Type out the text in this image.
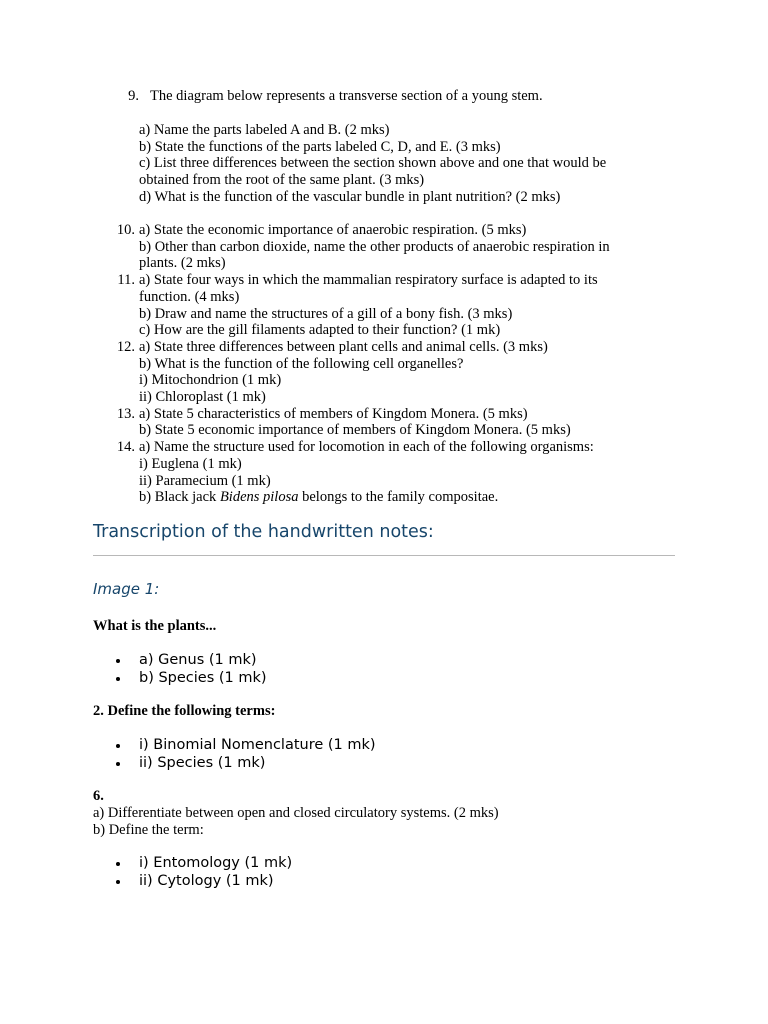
9. The diagram below represents a transverse section of a young stem.
a) Name the parts labeled A and B. (2 mks)
b) State the functions of the parts labeled C, D, and E. (3 mks)
c) List three differences between the section shown above and one that would be
obtained from the root of the same plant. (3 mks)
d) What is the function of the vascular bundle in plant nutrition? (2 mks)
10. a) State the economic importance of anaerobic respiration. (5 mks)
b) Other than carbon dioxide, name the other products of anaerobic respiration in
plants. (2 mks)
11. a) State four ways in which the mammalian respiratory surface is adapted to its
function. (4 mks)
b) Draw and name the structures of a gill of a bony fish. (3 mks)
c) How are the gill filaments adapted to their function? (1 mk)
12. a) State three differences between plant cells and animal cells. (3 mks)
b) What is the function of the following cell organelles?
i) Mitochondrion (1 mk)
ii) Chloroplast (1 mk)
13. a) State 5 characteristics of members of Kingdom Monera. (5 mks)
b) State 5 economic importance of members of Kingdom Monera. (5 mks)
14. a) Name the structure used for locomotion in each of the following organisms:
i) Euglena (1 mk)
ii) Paramecium (1 mk)
b) Black jack Bidens pilosa belongs to the family compositae.
Transcription of the handwritten notes:
Image 1:
What is the plants...
a) Genus (1 mk)
b) Species (1 mk)
2. Define the following terms:
i) Binomial Nomenclature (1 mk)
ii) Species (1 mk)
6.
a) Differentiate between open and closed circulatory systems. (2 mks)
b) Define the term:
i) Entomology (1 mk)
ii) Cytology (1 mk)
